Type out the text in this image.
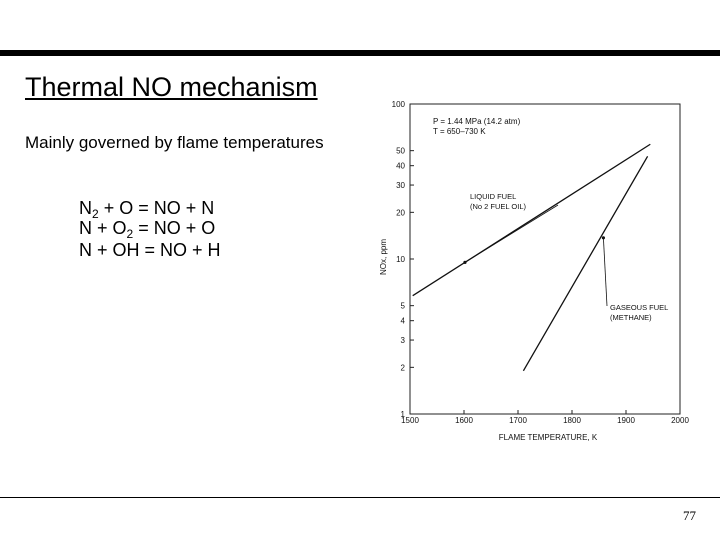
Thermal NO mechanism
Mainly governed by flame temperatures
$N_2 + O$ = NO + N
$N + O_2$ = NO + O
N + OH = NO + H
1
2
3
4
5
10
20
30
40
50
100
1500	1600	1700	1800	1900	2000
LIQUID FUEL
(No 2 FUEL OIL)
GASEOUS FUEL
(METHANE)
P = 1.44 MPa (14.2 atm)
T = 650–730 K
FLAME TEMPERATURE, K
NOx, ppm
77
